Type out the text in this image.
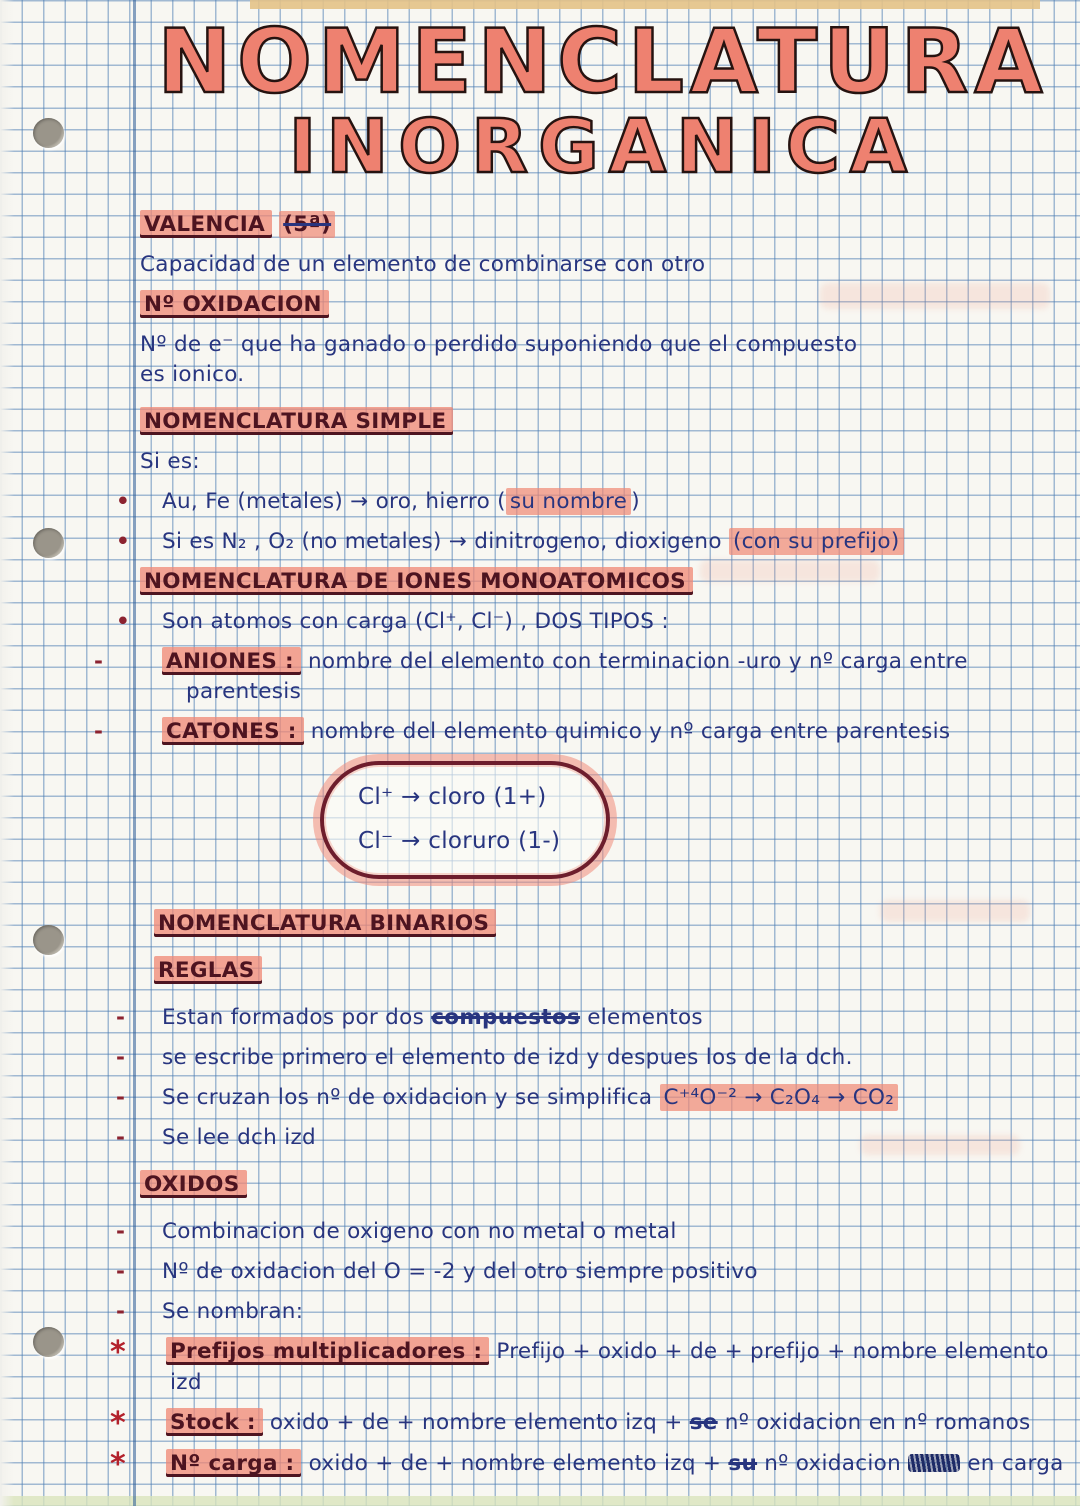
NOMENCLATURA
INORGANICA
VALENCIA (5ª)
Capacidad de un elemento de combinarse con otro
Nº OXIDACION
Nº de e⁻ que ha ganado o perdido suponiendo que el compuesto
es ionico.
NOMENCLATURA SIMPLE
Si es:
• Au, Fe (metales) → oro, hierro ( su nombre )
• Si es N₂ , O₂ (no metales) → dinitrogeno, dioxigeno (con su prefijo)
NOMENCLATURA DE IONES MONOATOMICOS
• Son atomos con carga (Cl⁺, Cl⁻) , DOS TIPOS :
-	ANIONES : nombre del elemento con terminacion -uro y nº carga entre parentesis
-	CATONES : nombre del elemento quimico y nº carga entre parentesis
Cl⁺ → cloro (1+)
Cl⁻ → cloruro (1-)
NOMENCLATURA BINARIOS
REGLAS
- Estan formados por dos compuestos elementos
- se escribe primero el elemento de izd y despues los de la dch.
- Se cruzan los nº de oxidacion y se simplifica C⁺⁴O⁻² → C₂O₄ → CO₂
- Se lee dch izd
OXIDOS
- Combinacion de oxigeno con no metal o metal
- Nº de oxidacion del O = -2 y del otro siempre positivo
- Se nombran:
* Prefijos multiplicadores : Prefijo + oxido + de + prefijo + nombre elemento izd
* Stock : oxido + de + nombre elemento izq + se nº oxidacion en nº romanos
* Nº carga : oxido + de + nombre elemento izq + su nº oxidacion  en carga
